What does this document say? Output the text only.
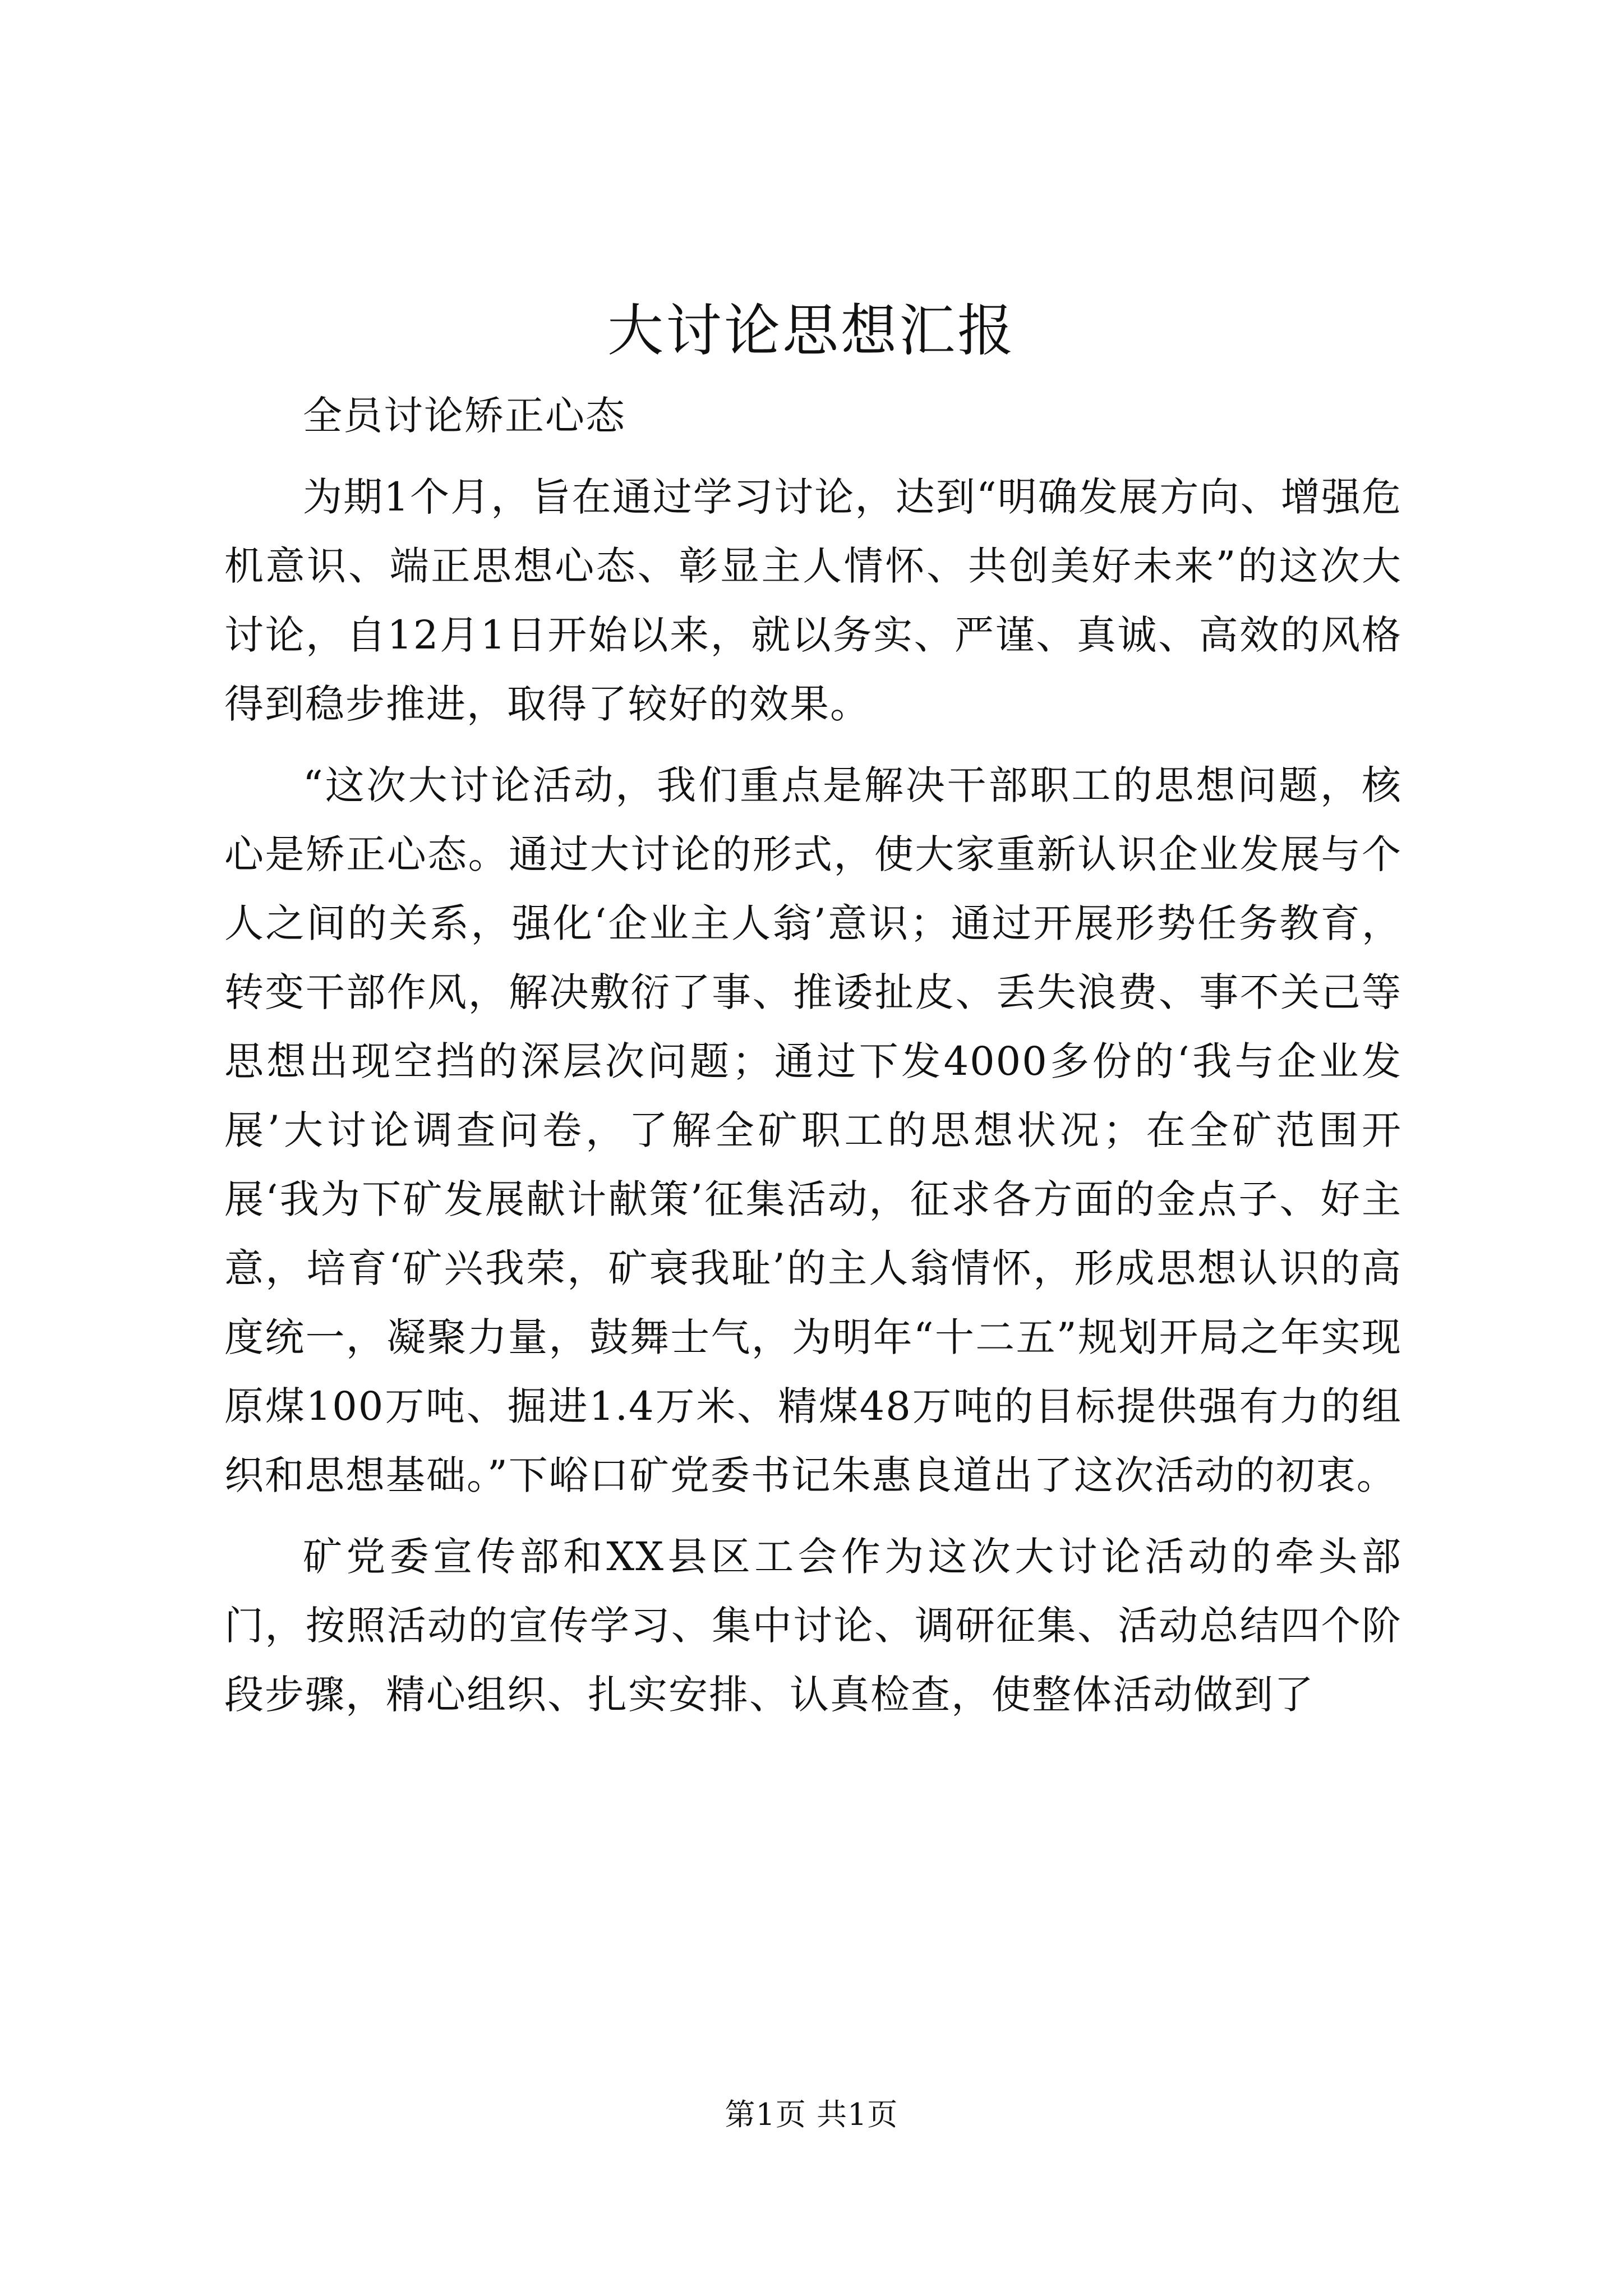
大讨论思想汇报

全员讨论矫正心态

为期1个月，旨在通过学习讨论，达到“明确发展方向、增强危机意识、端正思想心态、彰显主人情怀、共创美好未来”的这次大讨论，自12月1日开始以来，就以务实、严谨、真诚、高效的风格得到稳步推进，取得了较好的效果。

“这次大讨论活动，我们重点是解决干部职工的思想问题，核心是矫正心态。通过大讨论的形式，使大家重新认识企业发展与个人之间的关系，强化‘企业主人翁’意识；通过开展形势任务教育，转变干部作风，解决敷衍了事、推诿扯皮、丢失浪费、事不关己等思想出现空挡的深层次问题；通过下发4000多份的‘我与企业发展’大讨论调查问卷，了解全矿职工的思想状况；在全矿范围开展‘我为下矿发展献计献策’征集活动，征求各方面的金点子、好主意，培育‘矿兴我荣，矿衰我耻’的主人翁情怀，形成思想认识的高度统一，凝聚力量，鼓舞士气，为明年“十二五”规划开局之年实现原煤100万吨、掘进1.4万米、精煤48万吨的目标提供强有力的组织和思想基础。”下峪口矿党委书记朱惠良道出了这次活动的初衷。

矿党委宣传部和XX县区工会作为这次大讨论活动的牵头部门，按照活动的宣传学习、集中讨论、调研征集、活动总结四个阶段步骤，精心组织、扎实安排、认真检查，使整体活动做到了

第1页 共1页
